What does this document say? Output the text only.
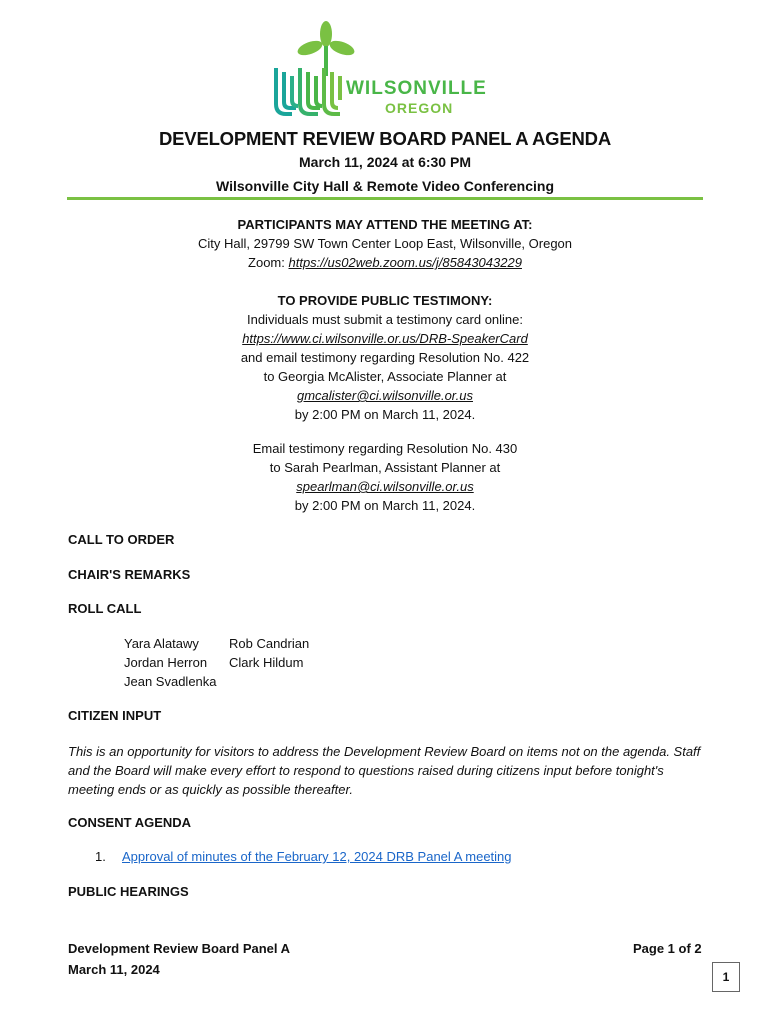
WILSONVILLE
OREGON
DEVELOPMENT REVIEW BOARD PANEL A AGENDA
March 11, 2024 at 6:30 PM
Wilsonville City Hall & Remote Video Conferencing
PARTICIPANTS MAY ATTEND THE MEETING AT:
City Hall, 29799 SW Town Center Loop East, Wilsonville, Oregon
Zoom: https://us02web.zoom.us/j/85843043229
TO PROVIDE PUBLIC TESTIMONY:
Individuals must submit a testimony card online:
https://www.ci.wilsonville.or.us/DRB-SpeakerCard
and email testimony regarding Resolution No. 422
to Georgia McAlister, Associate Planner at
gmcalister@ci.wilsonville.or.us
by 2:00 PM on March 11, 2024.
Email testimony regarding Resolution No. 430
to Sarah Pearlman, Assistant Planner at
spearlman@ci.wilsonville.or.us
by 2:00 PM on March 11, 2024.
CALL TO ORDER
CHAIR'S REMARKS
ROLL CALL
Yara Alatawy
Jordan Herron
Jean Svadlenka
Rob Candrian
Clark Hildum
CITIZEN INPUT
This is an opportunity for visitors to address the Development Review Board on items not on the agenda. Staff and the Board will make every effort to respond to questions raised during citizens input before tonight's meeting ends or as quickly as possible thereafter.
CONSENT AGENDA
1. Approval of minutes of the February 12, 2024 DRB Panel A meeting
PUBLIC HEARINGS
Development Review Board Panel A
March 11, 2024
Page 1 of 2
1
